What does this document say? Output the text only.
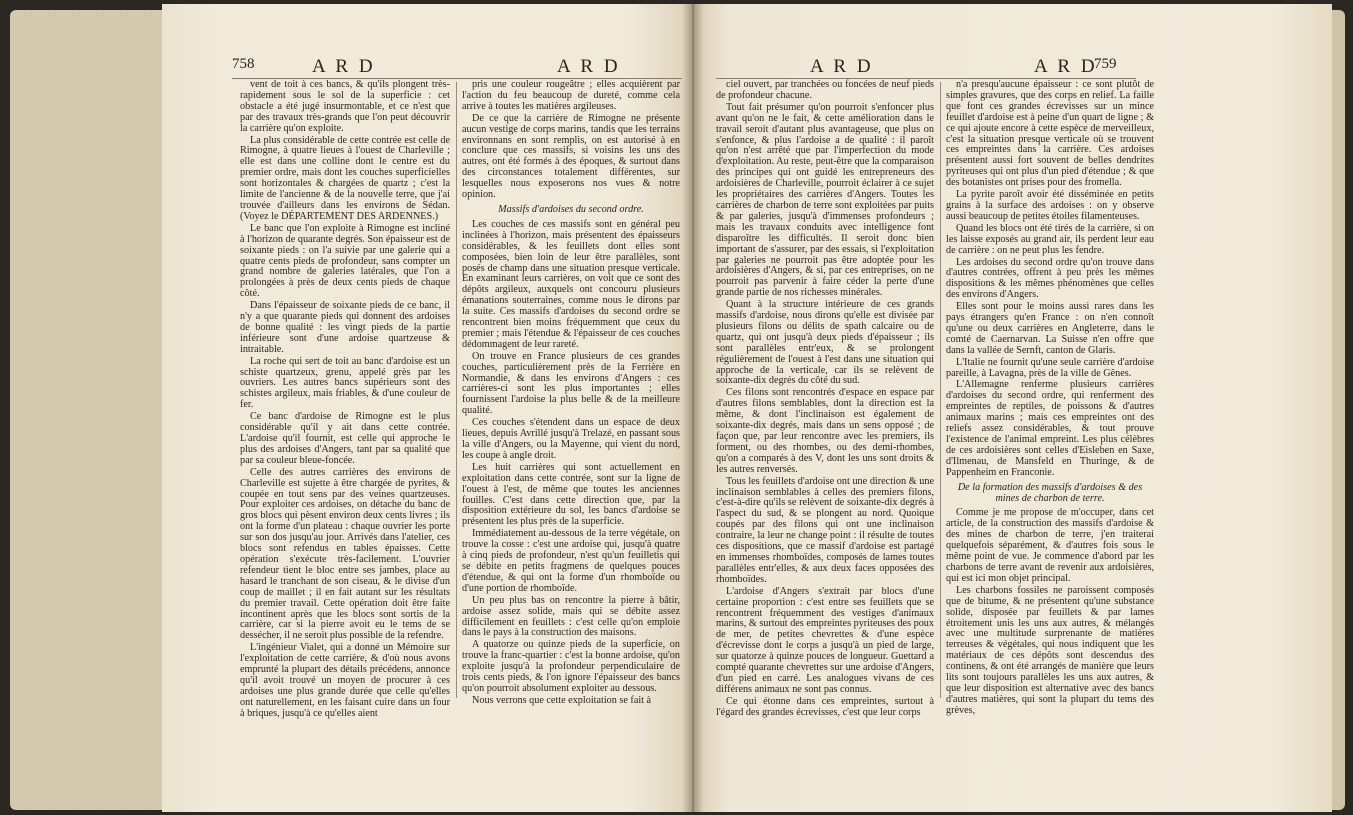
758	A R D	A R D

vent de toit à ces bancs, & qu'ils plongent très-rapidement sous le sol de la superficie : cet obstacle a été jugé insurmontable, et ce n'est que par des travaux très-grands que l'on peut découvrir la carrière qu'on exploite.

La plus considérable de cette contrée est celle de Rimogne, à quatre lieues à l'ouest de Charleville ; elle est dans une colline dont le centre est du premier ordre, mais dont les couches superficielles sont horizontales & chargées de quartz ; c'est la limite de l'ancienne & de la nouvelle terre, que j'ai trouvée d'ailleurs dans les environs de Sédan. (Voyez le DÉPARTEMENT DES ARDENNES.)

Le banc que l'on exploite à Rimogne est incliné à l'horizon de quarante degrés. Son épaisseur est de soixante pieds : on l'a suivie par une galerie qui a quatre cents pieds de profondeur, sans compter un grand nombre de galeries latérales, que l'on a prolongées à près de deux cents pieds de chaque côté.

Dans l'épaisseur de soixante pieds de ce banc, il n'y a que quarante pieds qui donnent des ardoises de bonne qualité : les vingt pieds de la partie inférieure sont d'une ardoise quartzeuse & intraitable.

La roche qui sert de toit au banc d'ardoise est un schiste quartzeux, grenu, appelé grès par les ouvriers. Les autres bancs supérieurs sont des schistes argileux, mais friables, & d'une couleur de fer.

Ce banc d'ardoise de Rimogne est le plus considérable qu'il y ait dans cette contrée. L'ardoise qu'il fournit, est celle qui approche le plus des ardoises d'Angers, tant par sa qualité que par sa couleur bleue-foncée.

Celle des autres carrières des environs de Charleville est sujette à être chargée de pyrites, & coupée en tout sens par des veines quartzeuses. Pour exploiter ces ardoises, on détache du banc de gros blocs qui pèsent environ deux cents livres ; ils ont la forme d'un plateau : chaque ouvrier les porte sur son dos jusqu'au jour. Arrivés dans l'atelier, ces blocs sont refendus en tables épaisses. Cette opération s'exécute très-facilement. L'ouvrier refendeur tient le bloc entre ses jambes, place au hasard le tranchant de son ciseau, & le divise d'un coup de maillet ; il en fait autant sur les résultats du premier travail. Cette opération doit être faite incontinent après que les blocs sont sortis de la carrière, car si la pierre avoit eu le tems de se dessécher, il ne seroit plus possible de la refendre.

L'ingénieur Vialet, qui a donné un Mémoire sur l'exploitation de cette carrière, & d'où nous avons emprunté la plupart des détails précédens, annonce qu'il avoit trouvé un moyen de procurer à ces ardoises une plus grande durée que celle qu'elles ont naturellement, en les faisant cuire dans un four à briques, jusqu'à ce qu'elles aient

pris une couleur rougeâtre ; elles acquièrent par l'action du feu beaucoup de dureté, comme cela arrive à toutes les matières argileuses.

De ce que la carrière de Rimogne ne présente aucun vestige de corps marins, tandis que les terrains environnans en sont remplis, on est autorisé à en conclure que ces massifs, si voisins les uns des autres, ont été formés à des époques, & surtout dans des circonstances totalement différentes, sur lesquelles nous exposerons nos vues & notre opinion.

Massifs d'ardoises du second ordre.

Les couches de ces massifs sont en général peu inclinées à l'horizon, mais présentent des épaisseurs considérables, & les feuillets dont elles sont composées, bien loin de leur être parallèles, sont posés de champ dans une situation presque verticale. En examinant leurs carrières, on voit que ce sont des dépôts argileux, auxquels ont concouru plusieurs émanations souterraines, comme nous le dirons par la suite. Ces massifs d'ardoises du second ordre se rencontrent bien moins fréquemment que ceux du premier ; mais l'étendue & l'épaisseur de ces couches dédommagent de leur rareté.

On trouve en France plusieurs de ces grandes couches, particulièrement près de la Ferrière en Normandie, & dans les environs d'Angers : ces carrières-ci sont les plus importantes ; elles fournissent l'ardoise la plus belle & de la meilleure qualité.

Ces couches s'étendent dans un espace de deux lieues, depuis Avrillé jusqu'à Trelazé, en passant sous la ville d'Angers, ou la Mayenne, qui vient du nord, les coupe à angle droit.

Les huit carrières qui sont actuellement en exploitation dans cette contrée, sont sur la ligne de l'ouest à l'est, de même que toutes les anciennes fouilles. C'est dans cette direction que, par la disposition extérieure du sol, les bancs d'ardoise se présentent les plus près de la superficie.

Immédiatement au-dessous de la terre végétale, on trouve la cosse : c'est une ardoise qui, jusqu'à quatre à cinq pieds de profondeur, n'est qu'un feuilletis qui se débite en petits fragmens de quelques pouces d'étendue, & qui ont la forme d'un rhomboïde ou d'une portion de rhomboïde.

Un peu plus bas on rencontre la pierre à bâtir, ardoise assez solide, mais qui se débite assez difficilement en feuillets : c'est celle qu'on emploie dans le pays à la construction des maisons.

A quatorze ou quinze pieds de la superficie, on trouve la franc-quartier : c'est la bonne ardoise, qu'on exploite jusqu'à la profondeur perpendiculaire de trois cents pieds, & l'on ignore l'épaisseur des bancs qu'on pourroit absolument exploiter au dessous.

Nous verrons que cette exploitation se fait à

A R D	A R D
759

ciel ouvert, par tranchées ou foncées de neuf pieds de profondeur chacune.

Tout fait présumer qu'on pourroit s'enfoncer plus avant qu'on ne le fait, & cette amélioration dans le travail seroit d'autant plus avantageuse, que plus on s'enfonce, & plus l'ardoise a de qualité : il paroît qu'on n'est arrêté que par l'imperfection du mode d'exploitation. Au reste, peut-être que la comparaison des principes qui ont guidé les entrepreneurs des ardoisières de Charleville, pourroit éclairer à ce sujet les propriétaires des carrières d'Angers. Toutes les carrières de charbon de terre sont exploitées par puits & par galeries, jusqu'à d'immenses profondeurs ; mais les travaux conduits avec intelligence font disparoître les difficultés. Il seroit donc bien important de s'assurer, par des essais, si l'exploitation par galeries ne pourroit pas être adoptée pour les ardoisières d'Angers, & si, par ces entreprises, on ne pourroit pas parvenir à faire céder la perte d'une grande partie de nos richesses minérales.

Quant à la structure intérieure de ces grands massifs d'ardoise, nous dirons qu'elle est divisée par plusieurs filons ou délits de spath calcaire ou de quartz, qui ont jusqu'à deux pieds d'épaisseur ; ils sont parallèles entr'eux, & se prolongent régulièrement de l'ouest à l'est dans une situation qui approche de la verticale, car ils se relèvent de soixante-dix degrés du côté du sud.

Ces filons sont rencontrés d'espace en espace par d'autres filons semblables, dont la direction est la même, & dont l'inclinaison est également de soixante-dix degrés, mais dans un sens opposé ; de façon que, par leur rencontre avec les premiers, ils forment, ou des rhombes, ou des demi-rhombes, qu'on a comparés à des V, dont les uns sont droits & les autres renversés.

Tous les feuillets d'ardoise ont une direction & une inclinaison semblables à celles des premiers filons, c'est-à-dire qu'ils se relèvent de soixante-dix degrés à l'aspect du sud, & se plongent au nord. Quoique coupés par des filons qui ont une inclinaison contraire, la leur ne change point : il résulte de toutes ces dispositions, que ce massif d'ardoise est partagé en immenses rhomboïdes, composés de lames toutes parallèles entr'elles, & aux deux faces opposées des rhomboïdes.

L'ardoise d'Angers s'extrait par blocs d'une certaine proportion : c'est entre ses feuillets que se rencontrent fréquemment des vestiges d'animaux marins, & surtout des empreintes pyriteuses des poux de mer, de petites chevrettes & d'une espèce d'écrevisse dont le corps a jusqu'à un pied de large, sur quatorze à quinze pouces de longueur. Guettard a compté quarante chevrettes sur une ardoise d'Angers, d'un pied en carré. Les analogues vivans de ces différens animaux ne sont pas connus.

Ce qui étonne dans ces empreintes, surtout à l'égard des grandes écrevisses, c'est que leur corps

n'a presqu'aucune épaisseur : ce sont plutôt de simples gravures, que des corps en relief. La faille que font ces grandes écrevisses sur un mince feuillet d'ardoise est à peine d'un quart de ligne ; & ce qui ajoute encore à cette espèce de merveilleux, c'est la situation presque verticale où se trouvent ces empreintes dans la carrière. Ces ardoises présentent aussi fort souvent de belles dendrites pyriteuses qui ont plus d'un pied d'étendue ; & que des botanistes ont prises pour des fromella.

La pyrite paroît avoir été disséminée en petits grains à la surface des ardoises : on y observe aussi beaucoup de petites étoiles filamenteuses.

Quand les blocs ont été tirés de la carrière, si on les laisse exposés au grand air, ils perdent leur eau de carrière : on ne peut plus les fendre.

Les ardoises du second ordre qu'on trouve dans d'autres contrées, offrent à peu près les mêmes dispositions & les mêmes phénomènes que celles des environs d'Angers.

Elles sont pour le moins aussi rares dans les pays étrangers qu'en France : on n'en connoît qu'une ou deux carrières en Angleterre, dans le comté de Caernarvan. La Suisse n'en offre que dans la vallée de Sernft, canton de Glaris.

L'Italie ne fournit qu'une seule carrière d'ardoise pareille, à Lavagna, près de la ville de Gênes.

L'Allemagne renferme plusieurs carrières d'ardoises du second ordre, qui renferment des empreintes de reptiles, de poissons & d'autres animaux marins ; mais ces empreintes ont des reliefs assez considérables, & tout prouve l'existence de l'animal empreint. Les plus célèbres de ces ardoisières sont celles d'Eisleben en Saxe, d'Ilmenau, de Mansfeld en Thuringe, & de Pappenheim en Franconie.

De la formation des massifs d'ardoises & des mines de charbon de terre.

Comme je me propose de m'occuper, dans cet article, de la construction des massifs d'ardoise & des mines de charbon de terre, j'en traiterai quelquefois séparément, & d'autres fois sous le même point de vue. Je commence d'abord par les charbons de terre avant de revenir aux ardoisières, qui est ici mon objet principal.

Les charbons fossiles ne paroissent composés que de bitume, & ne présentent qu'une substance solide, disposée par feuillets & par lames étroitement unis les uns aux autres, & mélangés avec une multitude surprenante de matières terreuses & végétales, qui nous indiquent que les matériaux de ces dépôts sont descendus des continens, & ont été arrangés de manière que leurs lits sont toujours parallèles les uns aux autres, & que leur disposition est alternative avec des bancs d'autres matières, qui sont la plupart du tems des grèves,
